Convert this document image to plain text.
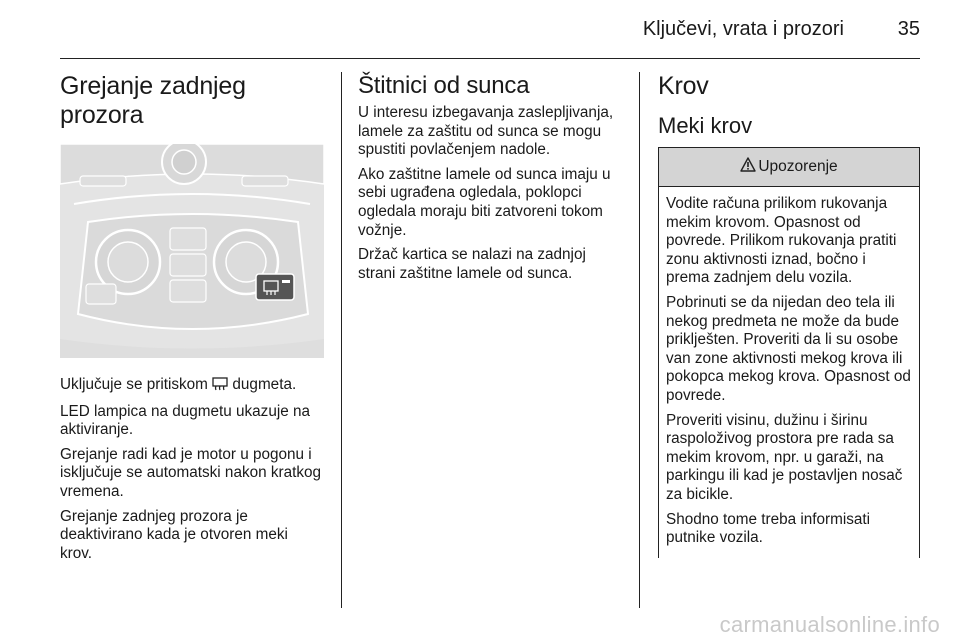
Ključevi, vrata i prozori	35
Grejanje zadnjeg prozora

Uključuje se pritiskom dugmeta.

LED lampica na dugmetu ukazuje na aktiviranje.

Grejanje radi kad je motor u pogonu i isključuje se automatski nakon kratkog vremena.

Grejanje zadnjeg prozora je deaktivirano kada je otvoren meki krov.

Štitnici od sunca

U interesu izbegavanja zaslepljivanja, lamele za zaštitu od sunca se mogu spustiti povlačenjem nadole.

Ako zaštitne lamele od sunca imaju u sebi ugrađena ogledala, poklopci ogledala moraju biti zatvoreni tokom vožnje.

Držač kartica se nalazi na zadnjoj strani zaštitne lamele od sunca.

Krov
Meki krov
Upozorenje

Vodite računa prilikom rukovanja mekim krovom. Opasnost od povrede. Prilikom rukovanja pratiti zonu aktivnosti iznad, bočno i prema zadnjem delu vozila.

Pobrinuti se da nijedan deo tela ili nekog predmeta ne može da bude priklješten. Proveriti da li su osobe van zone aktivnosti mekog krova ili pokopca mekog krova. Opasnost od povrede.

Proveriti visinu, dužinu i širinu raspoloživog prostora pre rada sa mekim krovom, npr. u garaži, na parkingu ili kad je postavljen nosač za bicikle.

Shodno tome treba informisati putnike vozila.

carmanualsonline.info
